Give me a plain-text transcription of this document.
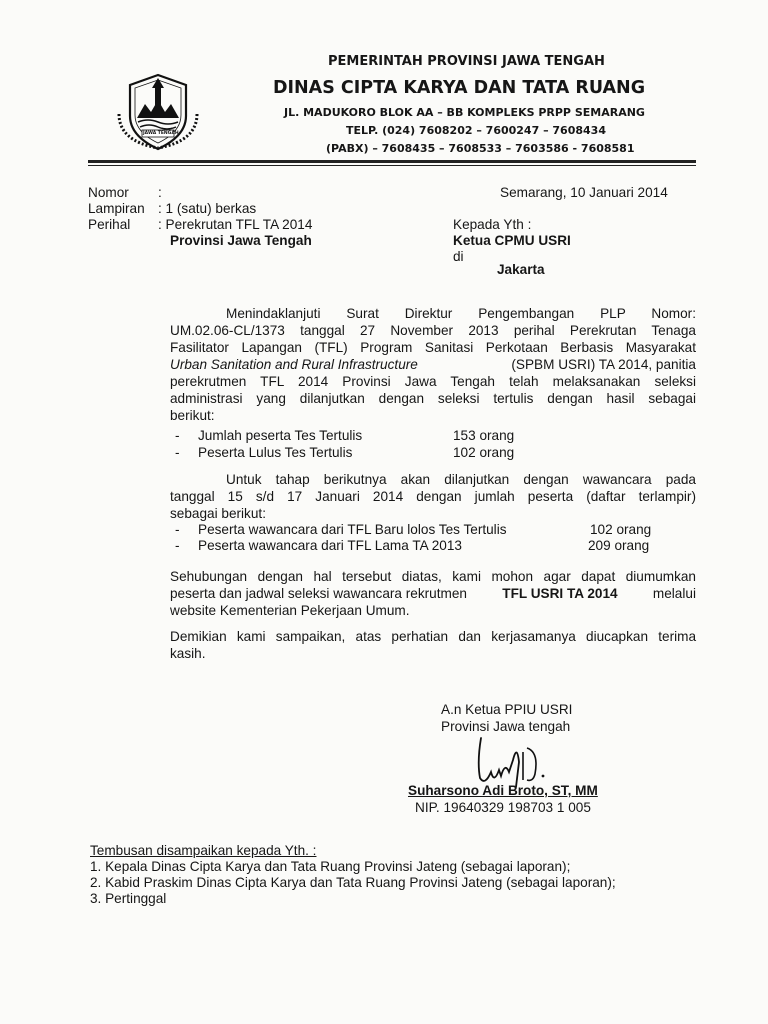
JAWA TENGAH
PEMERINTAH PROVINSI JAWA TENGAH
DINAS CIPTA KARYA DAN TATA RUANG
JL. MADUKORO BLOK AA – BB KOMPLEKS PRPP SEMARANG
TELP. (024) 7608202 – 7600247 – 7608434
(PABX) – 7608435 – 7608533 – 7603586 - 7608581
Nomor :
Lampiran : 1 (satu) berkas
Perihal : Perekrutan TFL TA 2014
Provinsi Jawa Tengah
Semarang, 10 Januari 2014
Kepada Yth :
Ketua CPMU USRI
di
Jakarta
Menindaklanjuti Surat Direktur Pengembangan PLP Nomor:
UM.02.06-CL/1373 tanggal 27 November 2013 perihal Perekrutan Tenaga
Fasilitator Lapangan (TFL) Program Sanitasi Perkotaan Berbasis Masyarakat
Urban Sanitation and Rural Infrastructure	(SPBM USRI) TA 2014, panitia
perekrutmen TFL 2014 Provinsi Jawa Tengah telah melaksanakan seleksi
administrasi yang dilanjutkan dengan seleksi tertulis dengan hasil sebagai
berikut:
- Jumlah peserta Tes Tertulis	153 orang
- Peserta Lulus Tes Tertulis	102 orang
Untuk tahap berikutnya akan dilanjutkan dengan wawancara pada
tanggal 15 s/d 17 Januari 2014 dengan jumlah peserta (daftar terlampir)
sebagai berikut:
- Peserta wawancara dari TFL Baru lolos Tes Tertulis	102 orang
- Peserta wawancara dari TFL Lama TA 2013	209 orang
Sehubungan dengan hal tersebut diatas, kami mohon agar dapat diumumkan
peserta dan jadwal seleksi wawancara rekrutmen	TFL USRI TA 2014	melalui
website Kementerian Pekerjaan Umum.
Demikian kami sampaikan, atas perhatian dan kerjasamanya diucapkan terima
kasih.
A.n Ketua PPIU USRI
Provinsi Jawa tengah
Suharsono Adi Broto, ST, MM
NIP. 19640329 198703 1 005
Tembusan disampaikan kepada Yth. :
1. Kepala Dinas Cipta Karya dan Tata Ruang Provinsi Jateng (sebagai laporan);
2. Kabid Praskim Dinas Cipta Karya dan Tata Ruang Provinsi Jateng (sebagai laporan);
3. Pertinggal
